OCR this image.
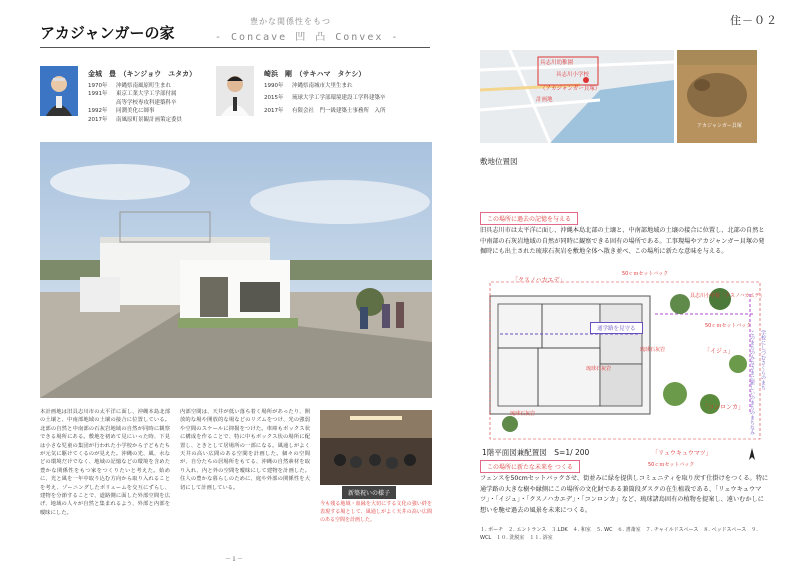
アカジャンガーの家
豊かな関係性をもつ
- Concave 凹 凸 Convex -
住－０２
金城　豊　（キンジョウ　ユタカ）
1970年	沖縄県南風原町生まれ
1991年	東京工業大学工学部付属
高等学校専攻科建築科卒
1992年	同潤美化に師事
2017年	南風原町景観計画策定委員
崎浜　剛　（サキハマ　タケシ）
1990年	沖縄県南城市大里生まれ
2015年	琉球大学工学部環境建設工学科建築卒
2017年	有限会社　門一級建築士事務所　入所
本計画地は旧具志川市の太平洋に面し、沖縄本島北部の土壌と、中南部地域の土壌の接合に位置している。北部の自然と中南部の石灰岩地域の自然が同時に観察できる場所にある。敷地を初めて見にいった時、下見は小さな児童の集団が行われた小学校から子どもたちが元気に駆けてくるのが見えた。沖縄の光、風、水などの環境だけでなく、地域の記憶などの環境を含めた豊かな関係性をもつ家をつくりたいと考えた。始めに、光と風を一年中取り込む方向から取り入れることを考え、ゾーニングしたボリュームを交互にずらし、建物を分節することで、道路側に面した外部空間を広げ、地域の人々が自然と集まれるよう、外部と内部を曖昧にした。
内部空間は、天井が低い落ち着く場所があったり、開放的な場や開放的な場などのリズムをつけ、光の強弱や空間のスケールに抑揚をつけた。車庫もボックス状に構成を作ることで、特に中もボックス状の場所に配置し、ときとして居場所の一部になる。風通しがよく天井の高い広間のある空間を計画した。個々の空間が、自分たちの居場所をもてる、沖縄の自然素材を取り入れ、内と外の空間を曖昧にして建物を計画した。住人の豊かな暮らしのために、庭や外部の関係性を大切にして計画している。
新築祝いの様子
今も残る地域・血縁を大切にする文化の強い絆を表現する場として、風通しがよく天井の高い広間のある空間を計画した。
－１－
具志川幼稚園
具志川小学校
（アカジャンガー貝塚）
計画地
アカジャンガー貝塚
敷地位置図
この場所に過去の記憶を与える
旧具志川市は太平洋に面し、沖縄本島北部の土壌と、中南部地域の土壌の接合に位置し、北部の自然と中南部の石灰岩地域の自然が同時に観察できる固有の場所である。工事現場やアカジャンガー貝塚の発掘時にも出土された琉球石灰岩を敷地全体へ散き並べ、この場所に新たな意味を与える。
「クスノハカエデ」
50ｃｍセットバック
具志川小学校「クスノハカエデ」
50ｃｍセットバック
通学路を見守る
琉球石灰岩	「イジュ」
琉球石灰岩
琉球石灰岩
「コンロンカ」
「リュウキュウマツ」
50ｃｍセットバック
このまちのみなさまに新しいのまちのまちなみ 学校にしづむさくらのまち
1階平面図兼配置図　S=1/ 200
この場所に新たな未来を つくる
フェンスを50cmセットバックさせ、街並みに緑を提供しコミュニティを取り戻す仕掛けをつくる。特に通学路の大きな樹や縁側にこの場所の文化財である兼箇段ダスクの在生植栽である、「リュウキュウマツ」・「イジュ」・「クスノハカエデ」・「コンロンカ」など、琉球諸島固有の植物を提案し、遠いむかしに想いを馳せ過去の風景を未来につくる。
１. ポーチ　２. エントランス　３.LDK　４. 和室　５. WC　６. 書斎室　７. チャイルドスペース　８. ベッドスペース　９. WCL　１０. 洗脱室　１１. 浴室
